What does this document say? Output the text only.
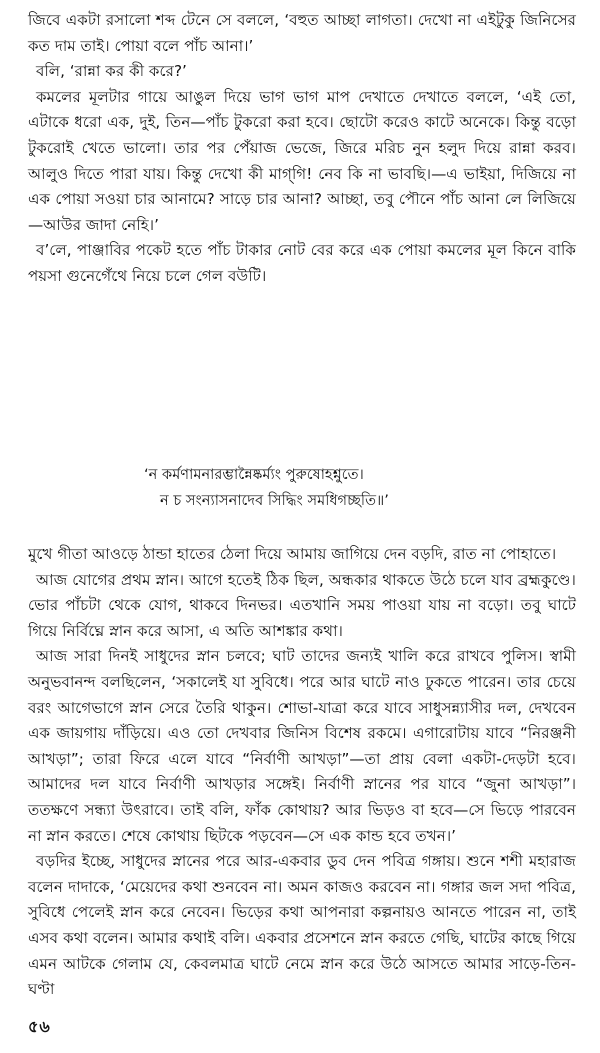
জিবে একটা রসালো শব্দ টেনে সে বললে, ‘বহুত আচ্ছা লাগতা। দেখো না এইটুকু জিনিসের কত দাম তাই। পোয়া বলে পাঁচ আনা।’

বলি, ‘রান্না কর কী করে?’

কমলের মূলটার গায়ে আঙুল দিয়ে ভাগ ভাগ মাপ দেখাতে দেখাতে বললে, ‘এই তো, এটাকে ধরো এক, দুই, তিন—পাঁচ টুকরো করা হবে। ছোটো করেও কাটে অনেকে। কিন্তু বড়ো টুকরোই খেতে ভালো। তার পর পেঁয়াজ ভেজে, জিরে মরিচ নুন হলুদ দিয়ে রান্না করব। আলুও দিতে পারা যায়। কিন্তু দেখো কী মাগ্‌গি! নেব কি না ভাবছি।—এ ভাইয়া, দিজিয়ে না এক পোয়া সওয়া চার আনামে? সাড়ে চার আনা? আচ্ছা, তবু পৌনে পাঁচ আনা লে লিজিয়ে—আউর জাদা নেহি।’

ব’লে, পাঞ্জাবির পকেট হতে পাঁচ টাকার নোট বের করে এক পোয়া কমলের মূল কিনে বাকি পয়সা গুনেগেঁথে নিয়ে চলে গেল বউটি।

‘ন কর্মণামনারম্ভান্নৈষ্কর্ম্যং পুরুষোহশ্নুতে।

ন চ সংন্যাসনাদেব সিদ্ধিং সমধিগচ্ছতি॥’

মুখে গীতা আওড়ে ঠান্ডা হাতের ঠেলা দিয়ে আমায় জাগিয়ে দেন বড়দি, রাত না পোহাতে।

আজ যোগের প্রথম স্নান। আগে হতেই ঠিক ছিল, অন্ধকার থাকতে উঠে চলে যাব ব্রহ্মকুণ্ডে। ভোর পাঁচটা থেকে যোগ, থাকবে দিনভর। এতখানি সময় পাওয়া যায় না বড়ো। তবু ঘাটে গিয়ে নির্বিঘ্নে স্নান করে আসা, এ অতি আশঙ্কার কথা।

আজ সারা দিনই সাধুদের স্নান চলবে; ঘাট তাদের জন্যই খালি করে রাখবে পুলিস। স্বামী অনুভবানন্দ বলছিলেন, ‘সকালেই যা সুবিধে। পরে আর ঘাটে নাও ঢুকতে পারেন। তার চেয়ে বরং আগেভাগে স্নান সেরে তৈরি থাকুন। শোভা-যাত্রা করে যাবে সাধুসন্ন্যাসীর দল, দেখবেন এক জায়গায় দাঁড়িয়ে। এও তো দেখবার জিনিস বিশেষ রকমে। এগারোটায় যাবে “নিরঞ্জনী আখড়া”; তারা ফিরে এলে যাবে “নির্বাণী আখড়া”—তা প্রায় বেলা একটা-দেড়টা হবে। আমাদের দল যাবে নির্বাণী আখড়ার সঙ্গেই। নির্বাণী স্নানের পর যাবে “জুনা আখড়া”। ততক্ষণে সন্ধ্যা উৎরাবে। তাই বলি, ফাঁক কোথায়? আর ভিড়ও বা হবে—সে ভিড়ে পারবেন না স্নান করতে। শেষে কোথায় ছিটকে পড়বেন—সে এক কান্ড হবে তখন।’

বড়দির ইচ্ছে, সাধুদের স্নানের পরে আর-একবার ডুব দেন পবিত্র গঙ্গায়। শুনে শশী মহারাজ বলেন দাদাকে, ‘মেয়েদের কথা শুনবেন না। অমন কাজও করবেন না। গঙ্গার জল সদা পবিত্র, সুবিধে পেলেই স্নান করে নেবেন। ভিড়ের কথা আপনারা কল্পনায়ও আনতে পারেন না, তাই এসব কথা বলেন। আমার কথাই বলি। একবার প্রসেশনে স্নান করতে গেছি, ঘাটের কাছে গিয়ে এমন আটকে গেলাম যে, কেবলমাত্র ঘাটে নেমে স্নান করে উঠে আসতে আমার সাড়ে-তিন-ঘণ্টা

৫৬
